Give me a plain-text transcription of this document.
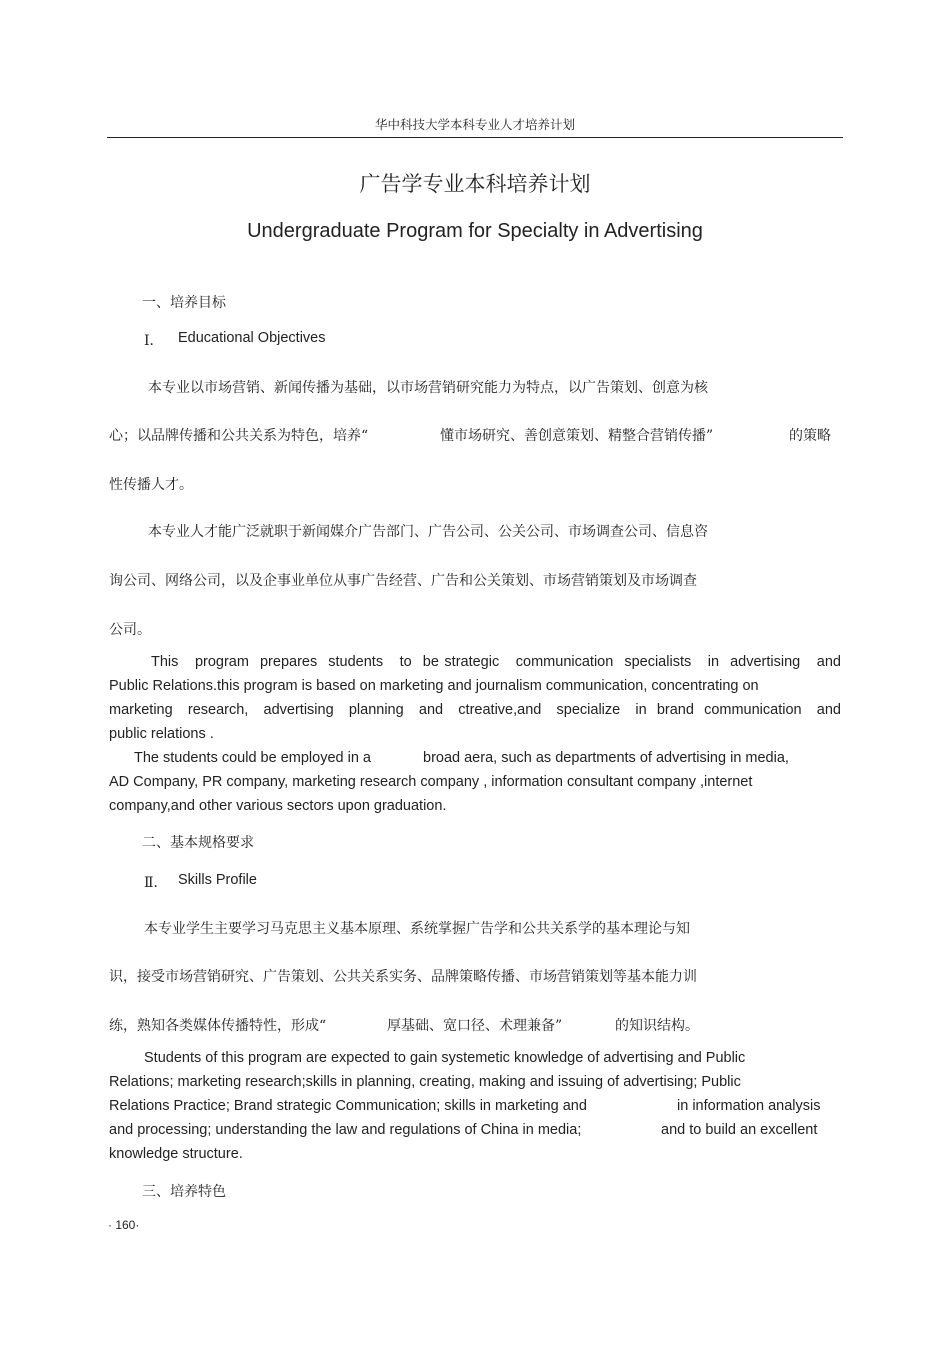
华中科技大学本科专业人才培养计划
广告学专业本科培养计划
Undergraduate Program for Specialty in Advertising
一、培养目标
Ⅰ． Educational Objectives
本专业以市场营销、新闻传播为基础，以市场营销研究能力为特点，以广告策划、创意为核
心；以品牌传播和公共关系为特色，培养“	懂市场研究、善创意策划、精整合营销传播”	的策略
性传播人才。
本专业人才能广泛就职于新闻媒介广告部门、广告公司、公关公司、市场调查公司、信息咨
询公司、网络公司，以及企事业单位从事广告经营、广告和公关策划、市场营销策划及市场调查
公司。
This   program  prepares  students   to  be strategic   communication  specialists   in  advertising   and
Public Relations.this program is based on marketing and journalism communication, concentrating on
marketing   research,   advertising   planning   and   ctreative,and   specialize   in  brand  communication   and
public relations .
The students could be employed in a	broad aera, such as departments of advertising in media,
AD Company, PR company, marketing research company , information consultant company ,internet
company,and other various sectors upon graduation.
二、基本规格要求
Ⅱ． Skills Profile
本专业学生主要学习马克思主义基本原理、系统掌握广告学和公共关系学的基本理论与知
识，接受市场营销研究、广告策划、公共关系实务、品牌策略传播、市场营销策划等基本能力训
练，熟知各类媒体传播特性，形成“	厚基础、宽口径、术理兼备”	的知识结构。
Students of this program are expected to gain systemetic knowledge of advertising and Public
Relations; marketing research;skills in planning, creating, making and issuing of advertising; Public
Relations Practice; Brand strategic Communication; skills in marketing and	in information analysis
and processing; understanding the law and regulations of China in media;	and to build an excellent
knowledge structure.
三、培养特色
· 160·
